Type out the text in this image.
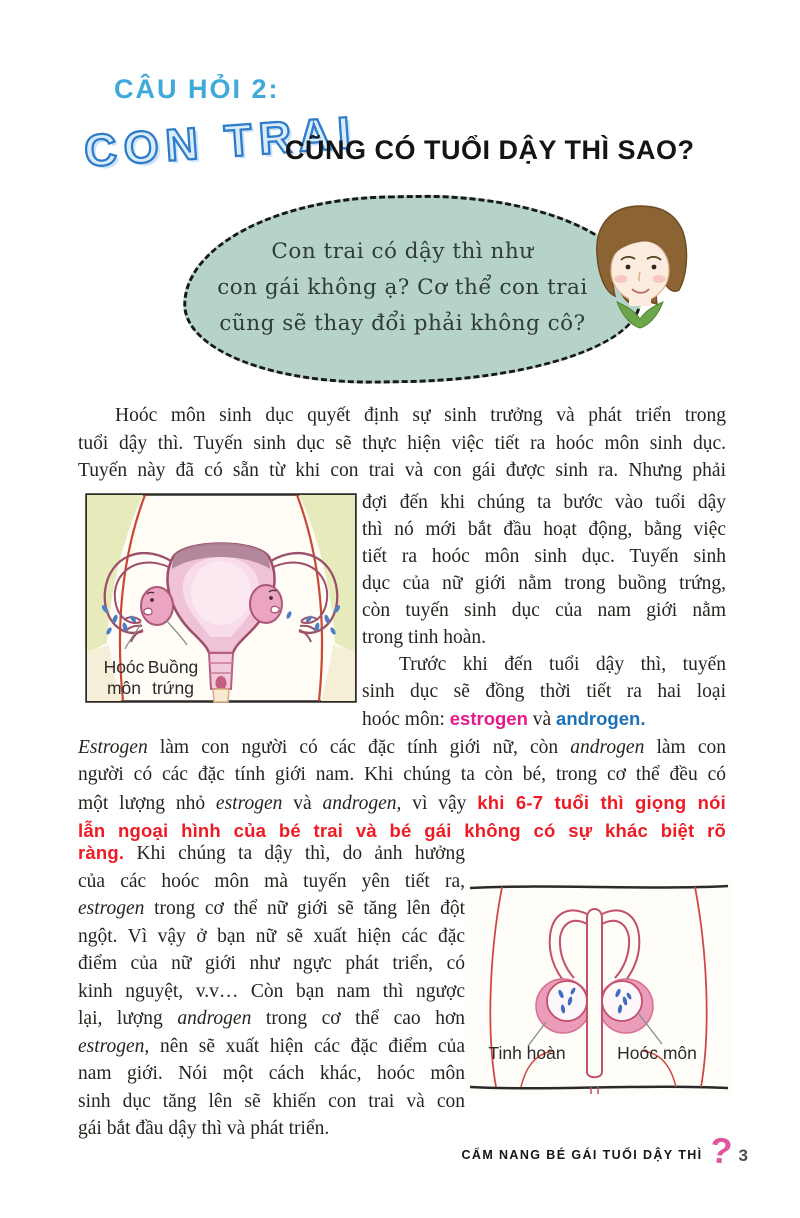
CÂU HỎI 2:
CON TRAI
CŨNG CÓ TUỔI DẬY THÌ SAO?
Con trai có dậy thì như
con gái không ạ? Cơ thể con trai
cũng sẽ thay đổi phải không cô?
Hoóc môn sinh dục quyết định sự sinh trưởng và phát triển trong
tuổi dậy thì. Tuyến sinh dục sẽ thực hiện việc tiết ra hoóc môn sinh dục.
Tuyến này đã có sẵn từ khi con trai và con gái được sinh ra. Nhưng phải
Hoóc môn
Buồng trứng
đợi đến khi chúng ta bước vào tuổi dậy
thì nó mới bắt đầu hoạt động, bằng việc
tiết ra hoóc môn sinh dục. Tuyến sinh
dục của nữ giới nằm trong buồng trứng,
còn tuyến sinh dục của nam giới nằm
trong tinh hoàn.
Trước khi đến tuổi dậy thì, tuyến
sinh dục sẽ đồng thời tiết ra hai loại
hoóc môn: estrogen và androgen.
Estrogen làm con người có các đặc tính giới nữ, còn androgen làm con
người có các đặc tính giới nam. Khi chúng ta còn bé, trong cơ thể đều có
một lượng nhỏ estrogen và androgen, vì vậy khi 6-7 tuổi thì giọng nói
lẫn ngoại hình của bé trai và bé gái không có sự khác biệt rõ
ràng. Khi chúng ta dậy thì, do ảnh hưởng
của các hoóc môn mà tuyến yên tiết ra,
estrogen trong cơ thể nữ giới sẽ tăng lên đột
ngột. Vì vậy ở bạn nữ sẽ xuất hiện các đặc
điểm của nữ giới như ngực phát triển, có
kinh nguyệt, v.v… Còn bạn nam thì ngược
lại, lượng androgen trong cơ thể cao hơn
estrogen, nên sẽ xuất hiện các đặc điểm của
nam giới. Nói một cách khác, hoóc môn
sinh dục tăng lên sẽ khiến con trai và con
gái bắt đầu dậy thì và phát triển.
Tinh hoàn	Hoóc môn
CẨM NANG BÉ GÁI TUỔI DẬY THÌ ? 3
